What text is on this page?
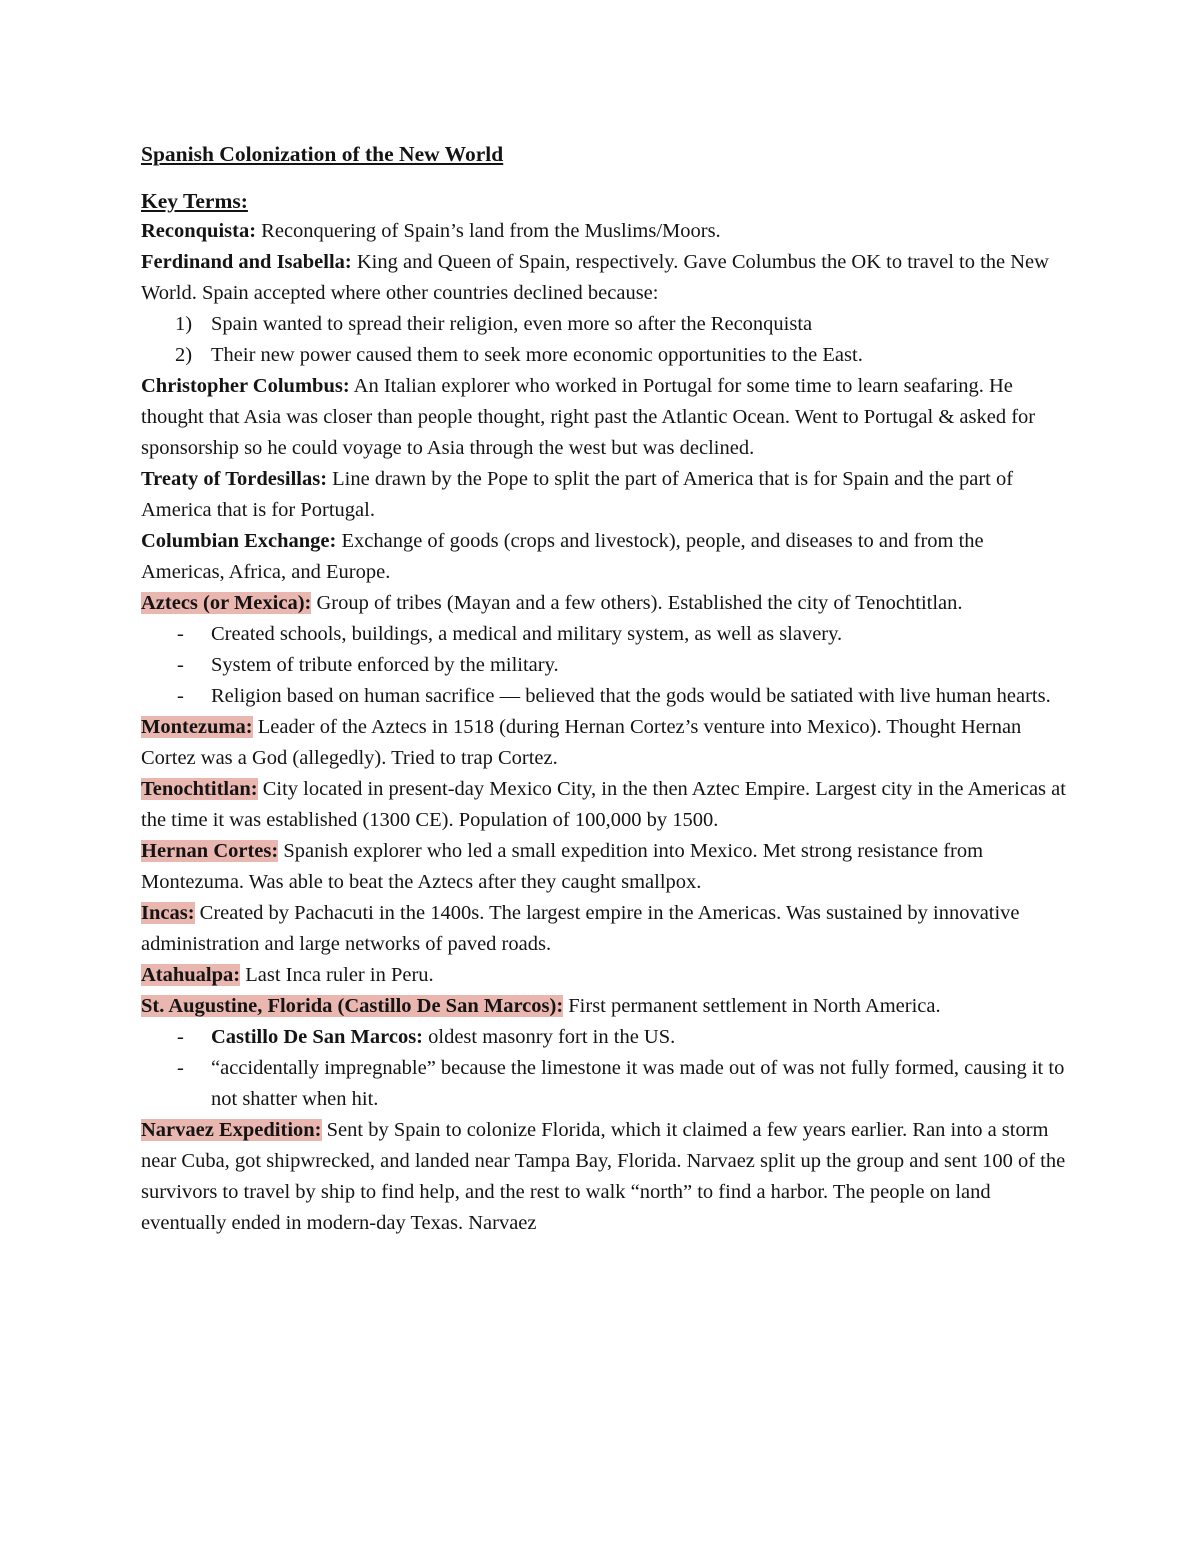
Spanish Colonization of the New World

Key Terms:

Reconquista: Reconquering of Spain’s land from the Muslims/Moors.

Ferdinand and Isabella: King and Queen of Spain, respectively. Gave Columbus the OK to travel to the New World. Spain accepted where other countries declined because:

1) Spain wanted to spread their religion, even more so after the Reconquista
2) Their new power caused them to seek more economic opportunities to the East.

Christopher Columbus: An Italian explorer who worked in Portugal for some time to learn seafaring. He thought that Asia was closer than people thought, right past the Atlantic Ocean. Went to Portugal & asked for sponsorship so he could voyage to Asia through the west but was declined.

Treaty of Tordesillas: Line drawn by the Pope to split the part of America that is for Spain and the part of America that is for Portugal.

Columbian Exchange: Exchange of goods (crops and livestock), people, and diseases to and from the Americas, Africa, and Europe.

Aztecs (or Mexica): Group of tribes (Mayan and a few others). Established the city of Tenochtitlan.

- Created schools, buildings, a medical and military system, as well as slavery.
- System of tribute enforced by the military.
- Religion based on human sacrifice — believed that the gods would be satiated with live human hearts.

Montezuma: Leader of the Aztecs in 1518 (during Hernan Cortez’s venture into Mexico). Thought Hernan Cortez was a God (allegedly). Tried to trap Cortez.

Tenochtitlan: City located in present-day Mexico City, in the then Aztec Empire. Largest city in the Americas at the time it was established (1300 CE). Population of 100,000 by 1500.

Hernan Cortes: Spanish explorer who led a small expedition into Mexico. Met strong resistance from Montezuma. Was able to beat the Aztecs after they caught smallpox.

Incas: Created by Pachacuti in the 1400s. The largest empire in the Americas. Was sustained by innovative administration and large networks of paved roads.

Atahualpa: Last Inca ruler in Peru.

St. Augustine, Florida (Castillo De San Marcos): First permanent settlement in North America.

- Castillo De San Marcos: oldest masonry fort in the US.
- “accidentally impregnable” because the limestone it was made out of was not fully formed, causing it to not shatter when hit.

Narvaez Expedition: Sent by Spain to colonize Florida, which it claimed a few years earlier. Ran into a storm near Cuba, got shipwrecked, and landed near Tampa Bay, Florida. Narvaez split up the group and sent 100 of the survivors to travel by ship to find help, and the rest to walk “north” to find a harbor. The people on land eventually ended in modern-day Texas. Narvaez
